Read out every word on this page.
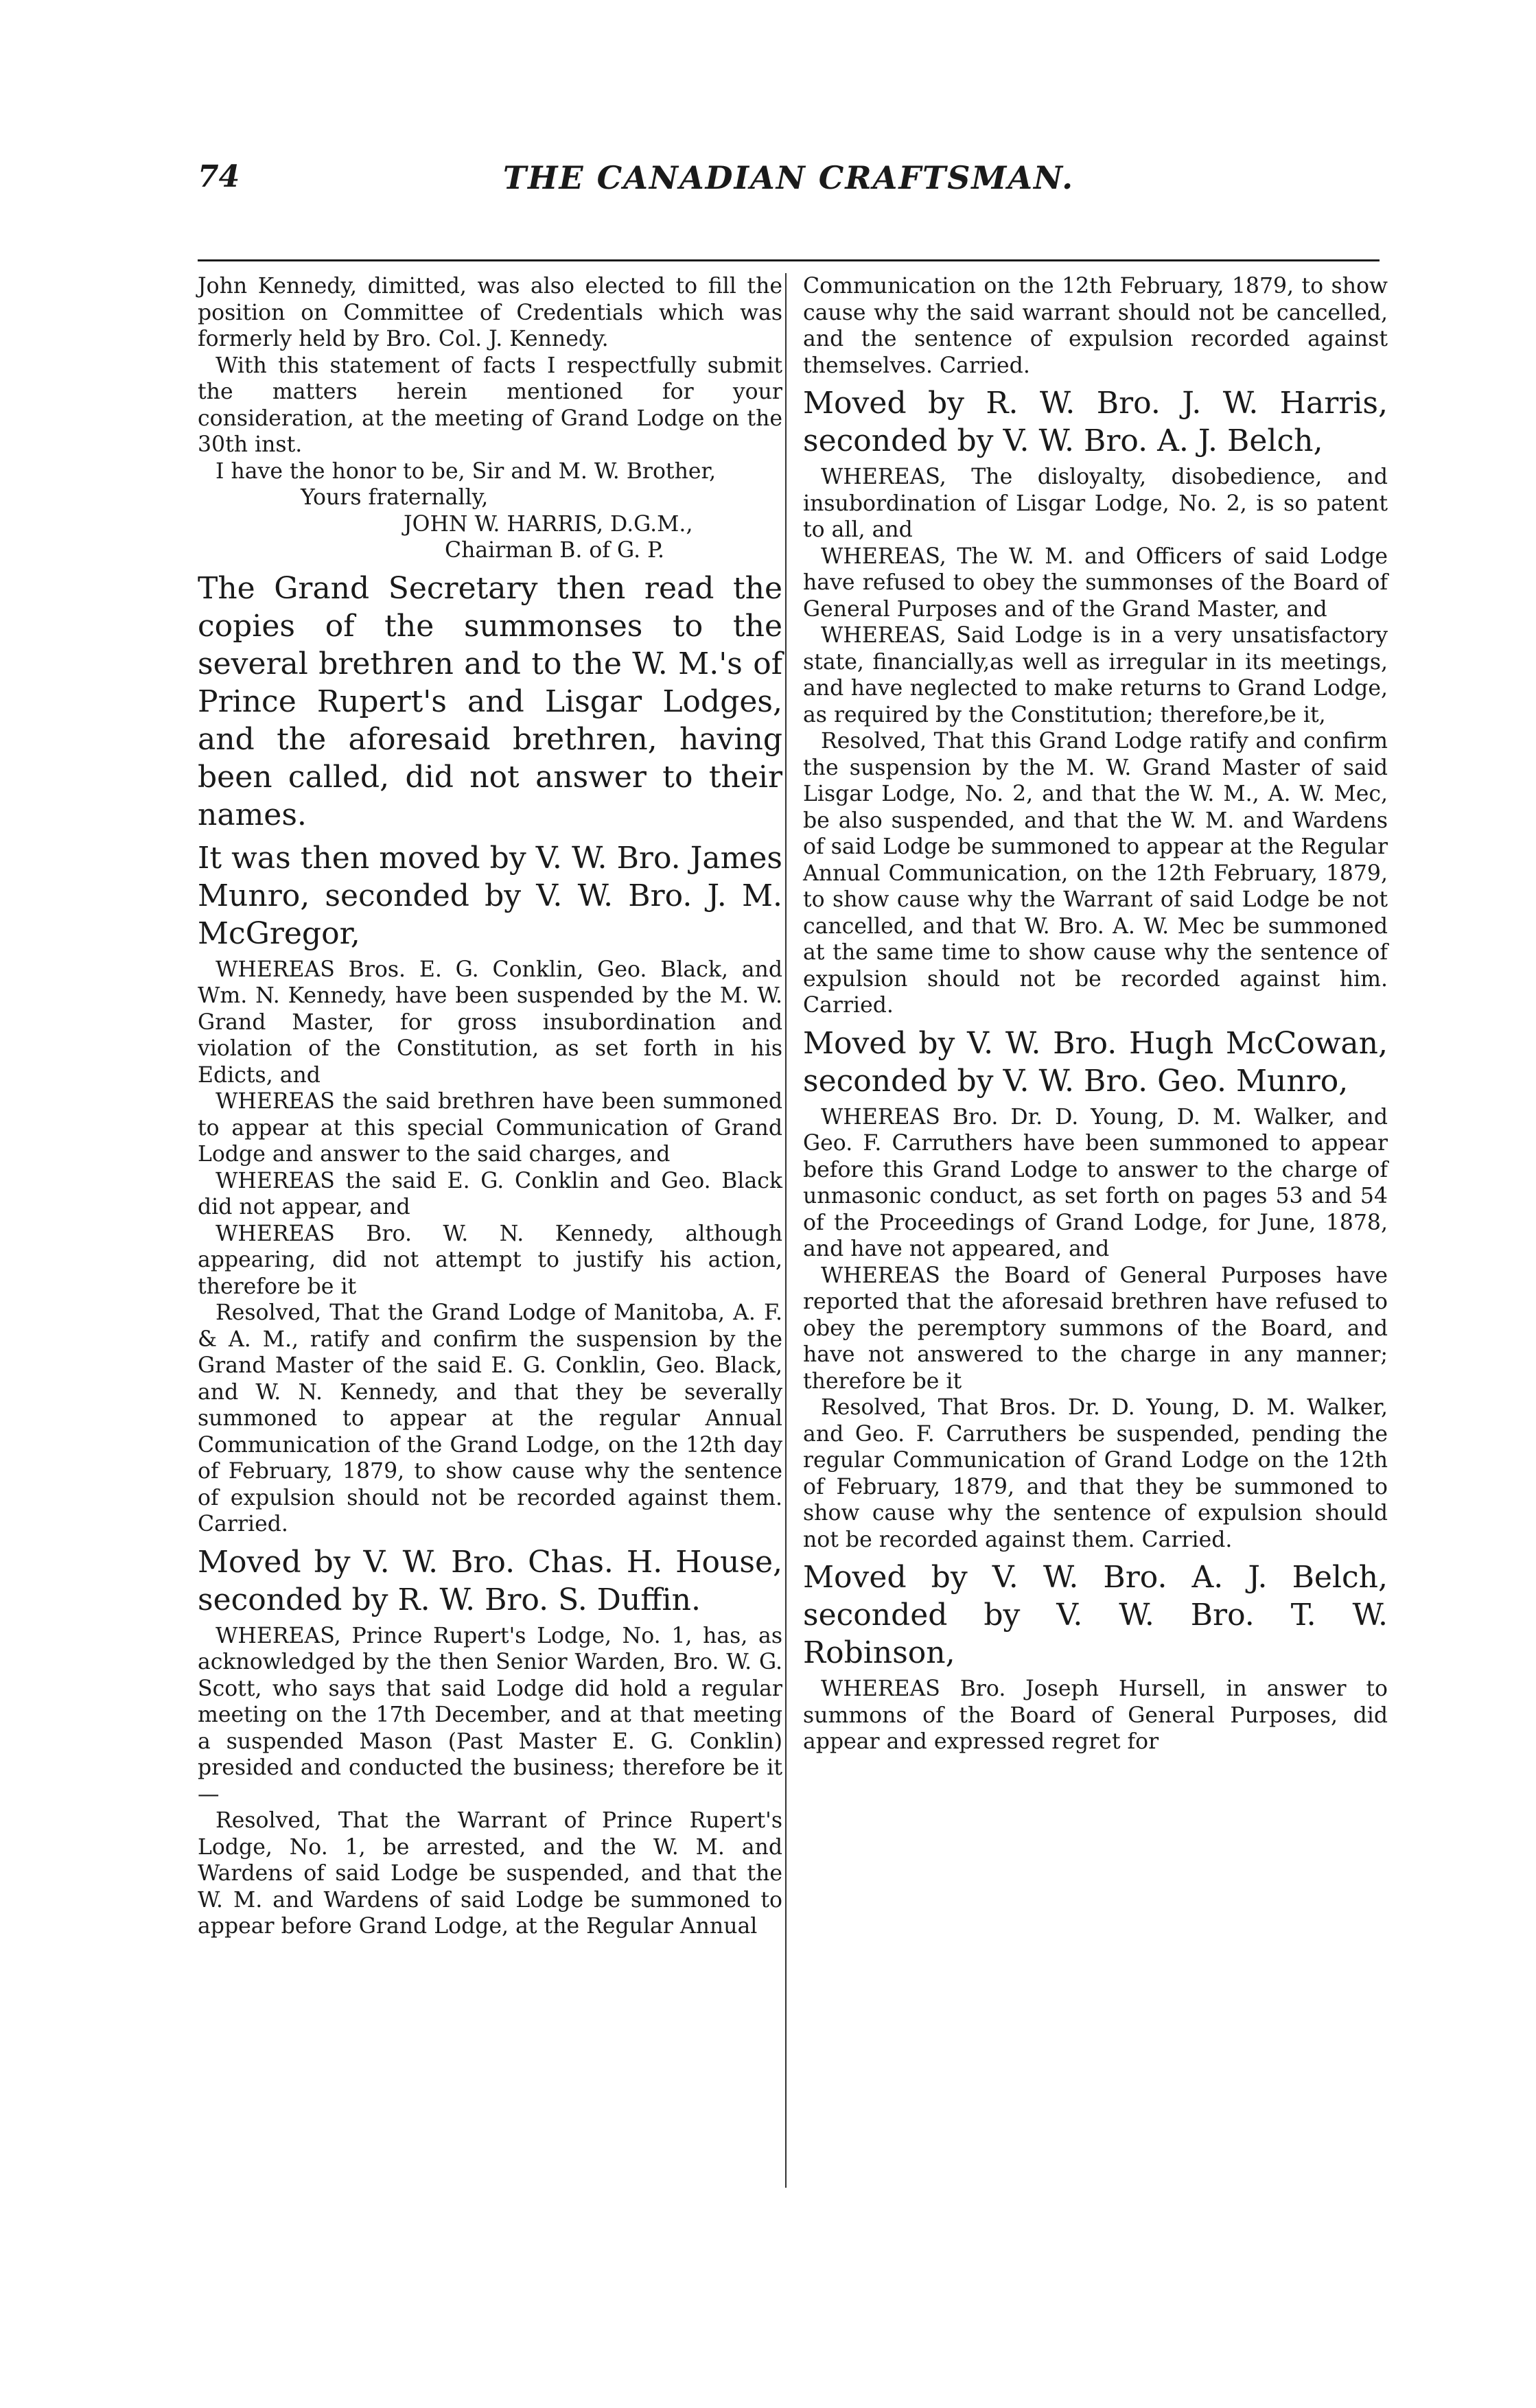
74	THE CANADIAN CRAFTSMAN.

John Kennedy, dimitted, was also elected to fill the position on Committee of Credentials which was formerly held by Bro. Col. J. Kennedy.

With this statement of facts I respectfully submit the matters herein mentioned for your consideration, at the meeting of Grand Lodge on the 30th inst.

I have the honor to be, Sir and M. W. Brother,

Yours fraternally,

JOHN W. HARRIS, D.G.M.,

Chairman B. of G. P.

The Grand Secretary then read the copies of the summonses to the several brethren and to the W. M.'s of Prince Rupert's and Lisgar Lodges, and the aforesaid brethren, having been called, did not answer to their names.

It was then moved by V. W. Bro. James Munro, seconded by V. W. Bro. J. M. McGregor,

WHEREAS Bros. E. G. Conklin, Geo. Black, and Wm. N. Kennedy, have been suspended by the M. W. Grand Master, for gross insubordination and violation of the Constitution, as set forth in his Edicts, and

WHEREAS the said brethren have been summoned to appear at this special Communication of Grand Lodge and answer to the said charges, and

WHEREAS the said E. G. Conklin and Geo. Black did not appear, and

WHEREAS Bro. W. N. Kennedy, although appearing, did not attempt to justify his action, therefore be it

Resolved, That the Grand Lodge of Manitoba, A. F. & A. M., ratify and confirm the suspension by the Grand Master of the said E. G. Conklin, Geo. Black, and W. N. Kennedy, and that they be severally summoned to appear at the regular Annual Communication of the Grand Lodge, on the 12th day of February, 1879, to show cause why the sentence of expulsion should not be recorded against them. Carried.

Moved by V. W. Bro. Chas. H. House, seconded by R. W. Bro. S. Duffin.

WHEREAS, Prince Rupert's Lodge, No. 1, has, as acknowledged by the then Senior Warden, Bro. W. G. Scott, who says that said Lodge did hold a regular meeting on the 17th December, and at that meeting a suspended Mason (Past Master E. G. Conklin) presided and conducted the business; therefore be it—

Resolved, That the Warrant of Prince Rupert's Lodge, No. 1, be arrested, and the W. M. and Wardens of said Lodge be suspended, and that the W. M. and Wardens of said Lodge be summoned to appear before Grand Lodge, at the Regular Annual

Communication on the 12th February, 1879, to show cause why the said warrant should not be cancelled, and the sentence of expulsion recorded against themselves. Carried.

Moved by R. W. Bro. J. W. Harris, seconded by V. W. Bro. A. J. Belch,

WHEREAS, The disloyalty, disobedience, and insubordination of Lisgar Lodge, No. 2, is so patent to all, and

WHEREAS, The W. M. and Officers of said Lodge have refused to obey the summonses of the Board of General Purposes and of the Grand Master, and

WHEREAS, Said Lodge is in a very unsatisfactory state, financially,as well as irregular in its meetings, and have neglected to make returns to Grand Lodge, as required by the Constitution; therefore,be it,

Resolved, That this Grand Lodge ratify and confirm the suspension by the M. W. Grand Master of said Lisgar Lodge, No. 2, and that the W. M., A. W. Mec, be also suspended, and that the W. M. and Wardens of said Lodge be summoned to appear at the Regular Annual Communication, on the 12th February, 1879, to show cause why the Warrant of said Lodge be not cancelled, and that W. Bro. A. W. Mec be summoned at the same time to show cause why the sentence of expulsion should not be recorded against him. Carried.

Moved by V. W. Bro. Hugh McCowan, seconded by V. W. Bro. Geo. Munro,

WHEREAS Bro. Dr. D. Young, D. M. Walker, and Geo. F. Carruthers have been summoned to appear before this Grand Lodge to answer to the charge of unmasonic conduct, as set forth on pages 53 and 54 of the Proceedings of Grand Lodge, for June, 1878, and have not appeared, and

WHEREAS the Board of General Purposes have reported that the aforesaid brethren have refused to obey the peremptory summons of the Board, and have not answered to the charge in any manner; therefore be it

Resolved, That Bros. Dr. D. Young, D. M. Walker, and Geo. F. Carruthers be suspended, pending the regular Communication of Grand Lodge on the 12th of February, 1879, and that they be summoned to show cause why the sentence of expulsion should not be recorded against them. Carried.

Moved by V. W. Bro. A. J. Belch, seconded by V. W. Bro. T. W. Robinson,

WHEREAS Bro. Joseph Hursell, in answer to summons of the Board of General Purposes, did appear and expressed regret for
